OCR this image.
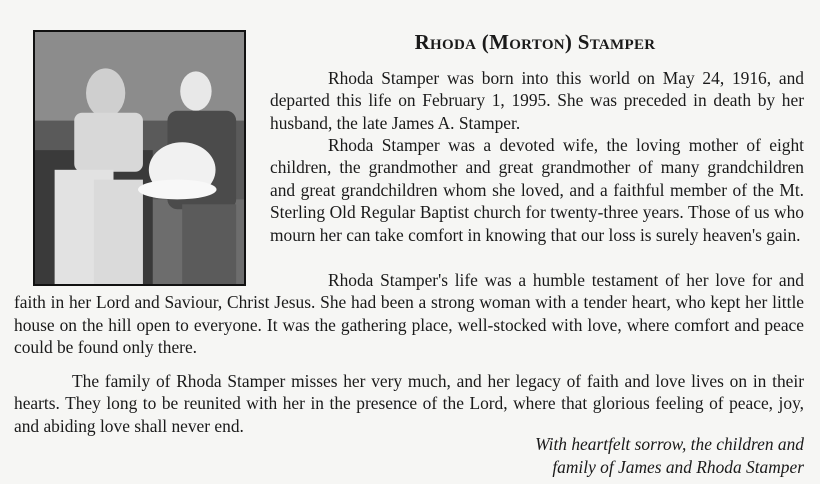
Rhoda (Morton) Stamper

Rhoda Stamper was born into this world on May 24, 1916, and departed this life on February 1, 1995. She was preceded in death by her husband, the late James A. Stamper.

Rhoda Stamper was a devoted wife, the loving mother of eight children, the grandmother and great grandmother of many grandchildren and great grandchildren whom she loved, and a faithful member of the Mt. Sterling Old Regular Baptist church for twenty-three years. Those of us who mourn her can take comfort in knowing that our loss is surely heaven's gain.

Rhoda Stamper's life was a humble testament of her love for and faith in her Lord and Saviour, Christ Jesus. She had been a strong woman with a tender heart, who kept her little house on the hill open to everyone. It was the gathering place, well-stocked with love, where comfort and peace could be found only there.

The family of Rhoda Stamper misses her very much, and her legacy of faith and love lives on in their hearts. They long to be reunited with her in the presence of the Lord, where that glorious feeling of peace, joy, and abiding love shall never end.

With heartfelt sorrow, the children and
family of James and Rhoda Stamper
